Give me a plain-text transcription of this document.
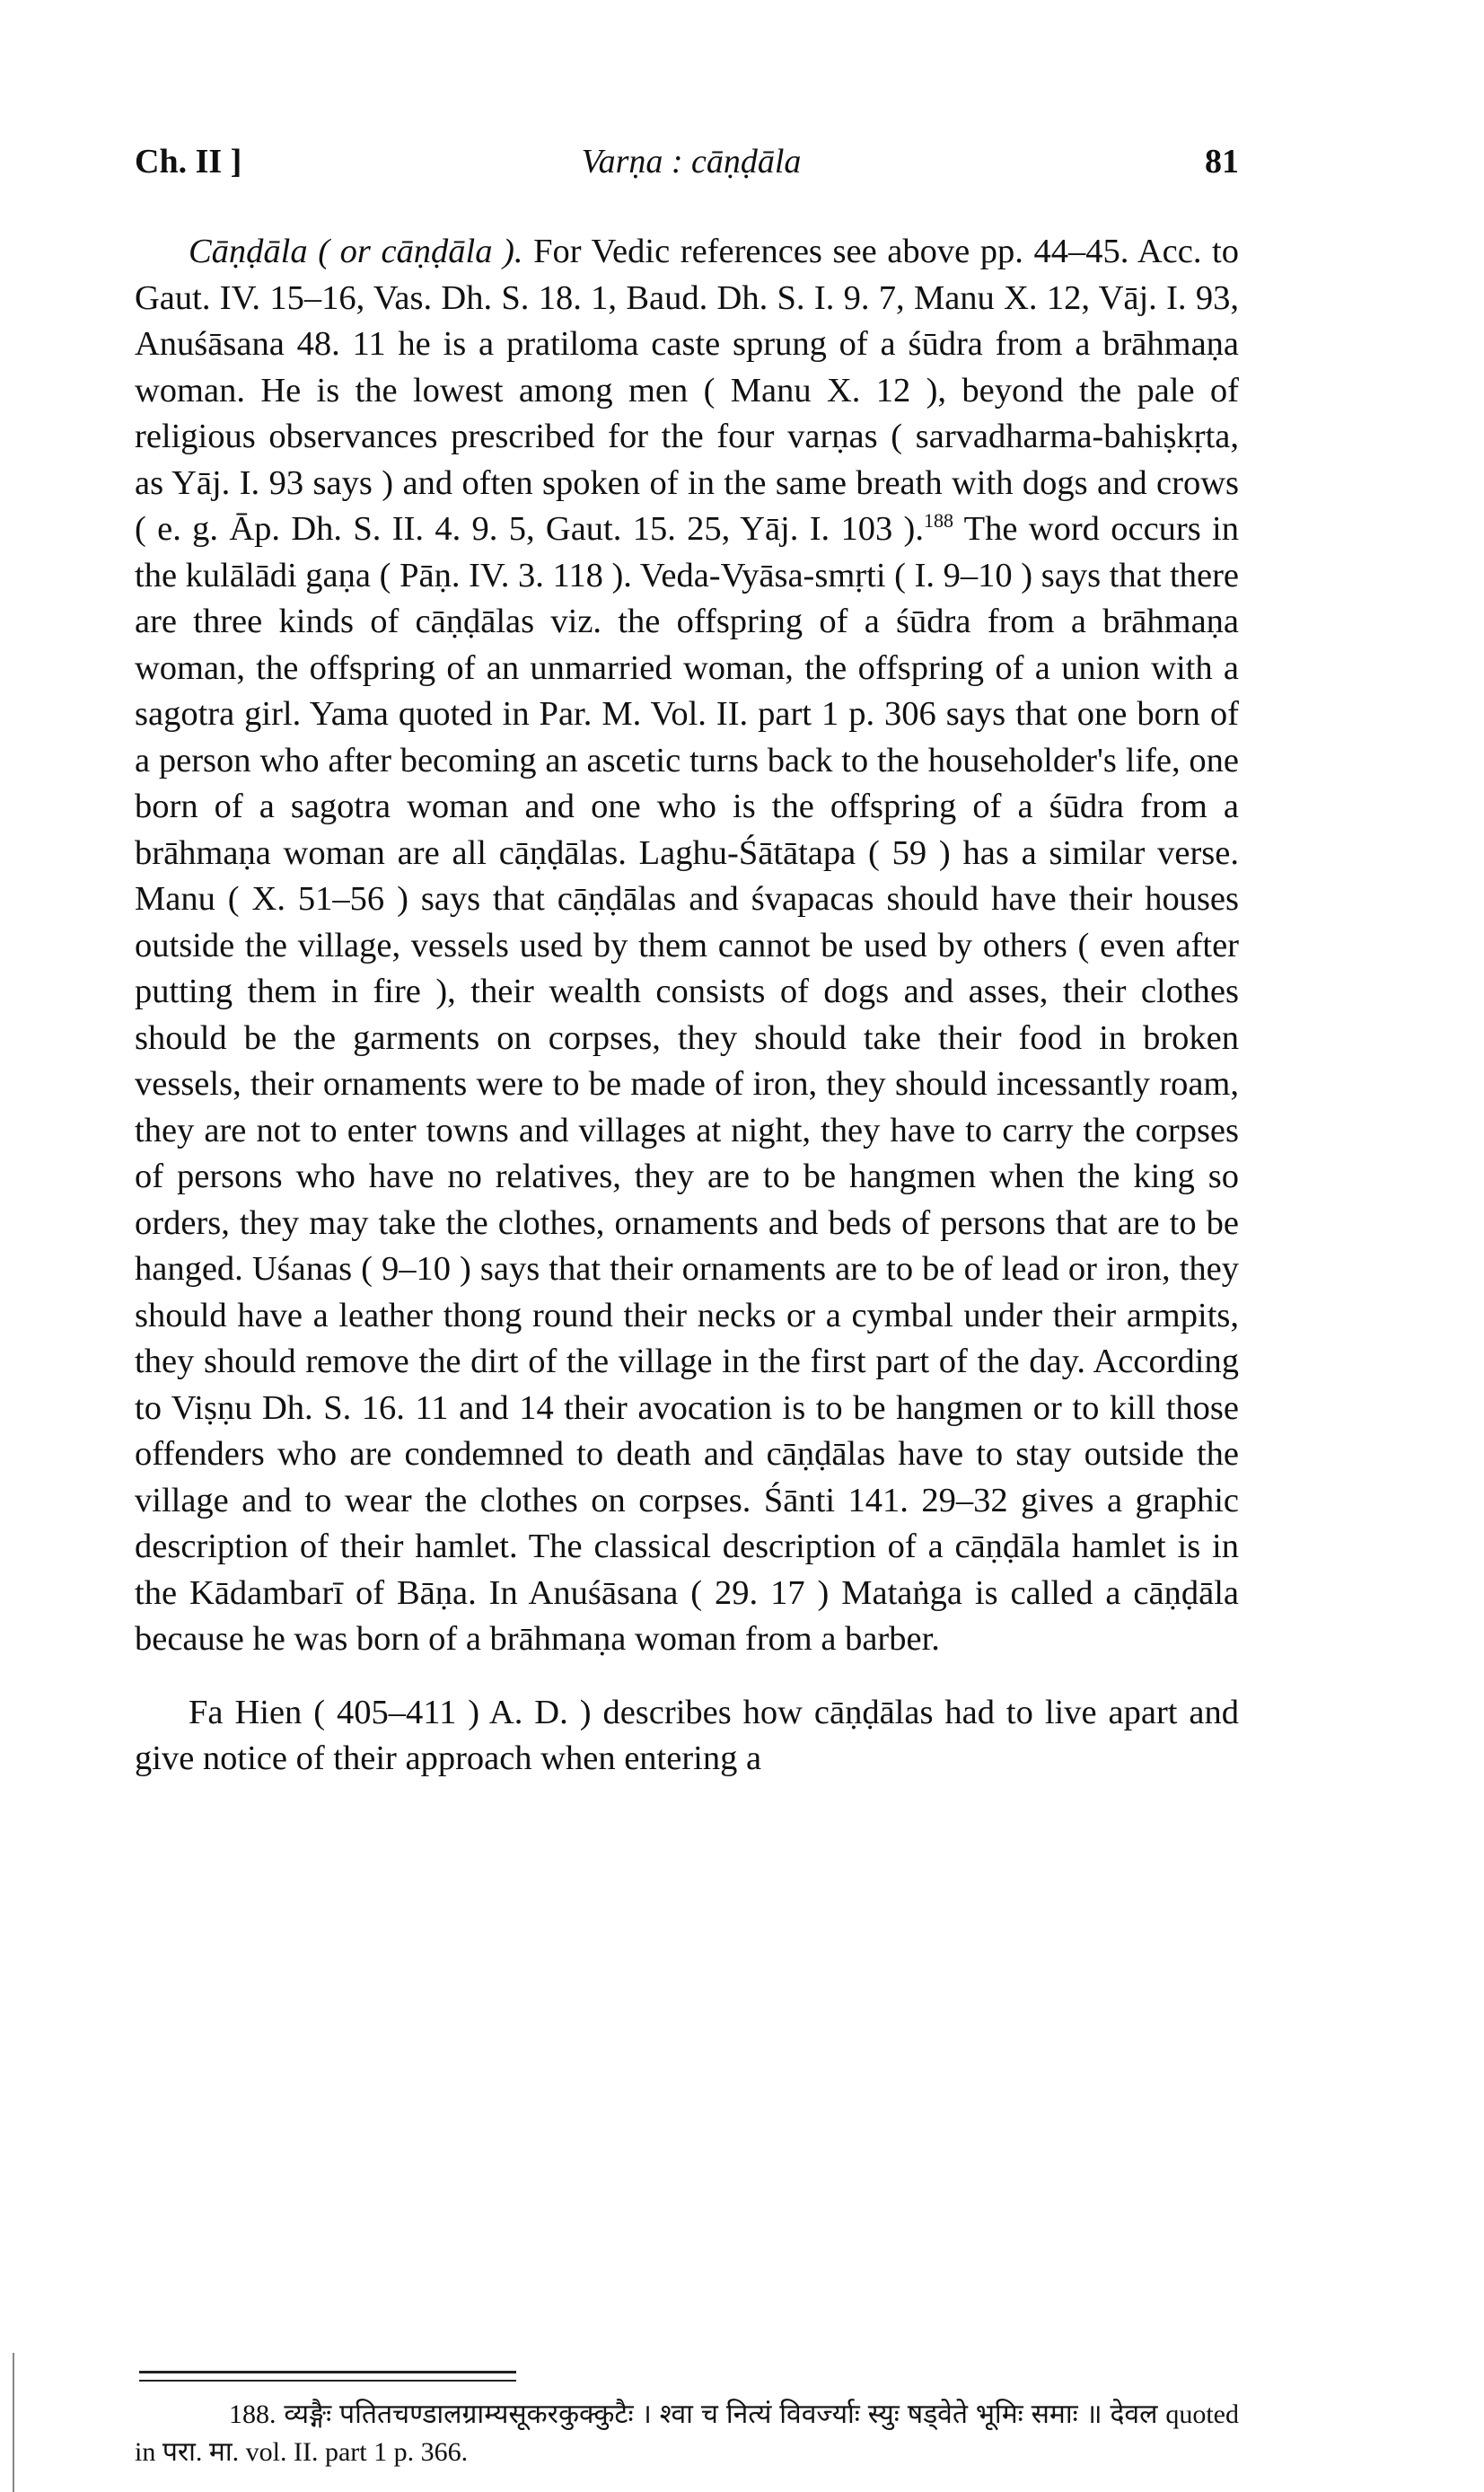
Ch. II ]	Varṇa : cāṇḍāla	81

Cāṇḍāla ( or cāṇḍāla ). For Vedic references see above pp. 44–45. Acc. to Gaut. IV. 15–16, Vas. Dh. S. 18. 1, Baud. Dh. S. I. 9. 7, Manu X. 12, Vāj. I. 93, Anuśāsana 48. 11 he is a pratiloma caste sprung of a śūdra from a brāhmaṇa woman. He is the lowest among men ( Manu X. 12 ), beyond the pale of religious observances prescribed for the four varṇas ( sarvadharma-bahiṣkṛta, as Yāj. I. 93 says ) and often spoken of in the same breath with dogs and crows ( e. g. Āp. Dh. S. II. 4. 9. 5, Gaut. 15. 25, Yāj. I. 103 ).$^{188}$ The word occurs in the kulālādi gaṇa ( Pāṇ. IV. 3. 118 ). Veda-Vyāsa-smṛti ( I. 9–10 ) says that there are three kinds of cāṇḍālas viz. the offspring of a śūdra from a brāhmaṇa woman, the offspring of an unmarried woman, the offspring of a union with a sagotra girl. Yama quoted in Par. M. Vol. II. part 1 p. 306 says that one born of a person who after becoming an ascetic turns back to the householder's life, one born of a sagotra woman and one who is the offspring of a śūdra from a brāhmaṇa woman are all cāṇḍālas. Laghu-Śātātapa ( 59 ) has a similar verse. Manu ( X. 51–56 ) says that cāṇḍālas and śvapacas should have their houses outside the village, vessels used by them cannot be used by others ( even after putting them in fire ), their wealth consists of dogs and asses, their clothes should be the garments on corpses, they should take their food in broken vessels, their ornaments were to be made of iron, they should incessantly roam, they are not to enter towns and villages at night, they have to carry the corpses of persons who have no relatives, they are to be hangmen when the king so orders, they may take the clothes, ornaments and beds of persons that are to be hanged. Uśanas ( 9–10 ) says that their ornaments are to be of lead or iron, they should have a leather thong round their necks or a cymbal under their armpits, they should remove the dirt of the village in the first part of the day. According to Viṣṇu Dh. S. 16. 11 and 14 their avocation is to be hangmen or to kill those offenders who are condemned to death and cāṇḍālas have to stay outside the village and to wear the clothes on corpses. Śānti 141. 29–32 gives a graphic description of their hamlet. The classical description of a cāṇḍāla hamlet is in the Kādambarī of Bāṇa. In Anuśāsana ( 29. 17 ) Mataṅga is called a cāṇḍāla because he was born of a brāhmaṇa woman from a barber.

Fa Hien ( 405–411 ) A. D. ) describes how cāṇḍālas had to live apart and give notice of their approach when entering a

188. व्यङ्गैः पतितचण्डालग्राम्यसूकरकुक्कुटैः । श्वा च नित्यं विवर्ज्याः स्युः षड्वेते भूमिः समाः ॥ देवल quoted in परा. मा. vol. II. part 1 p. 366.
